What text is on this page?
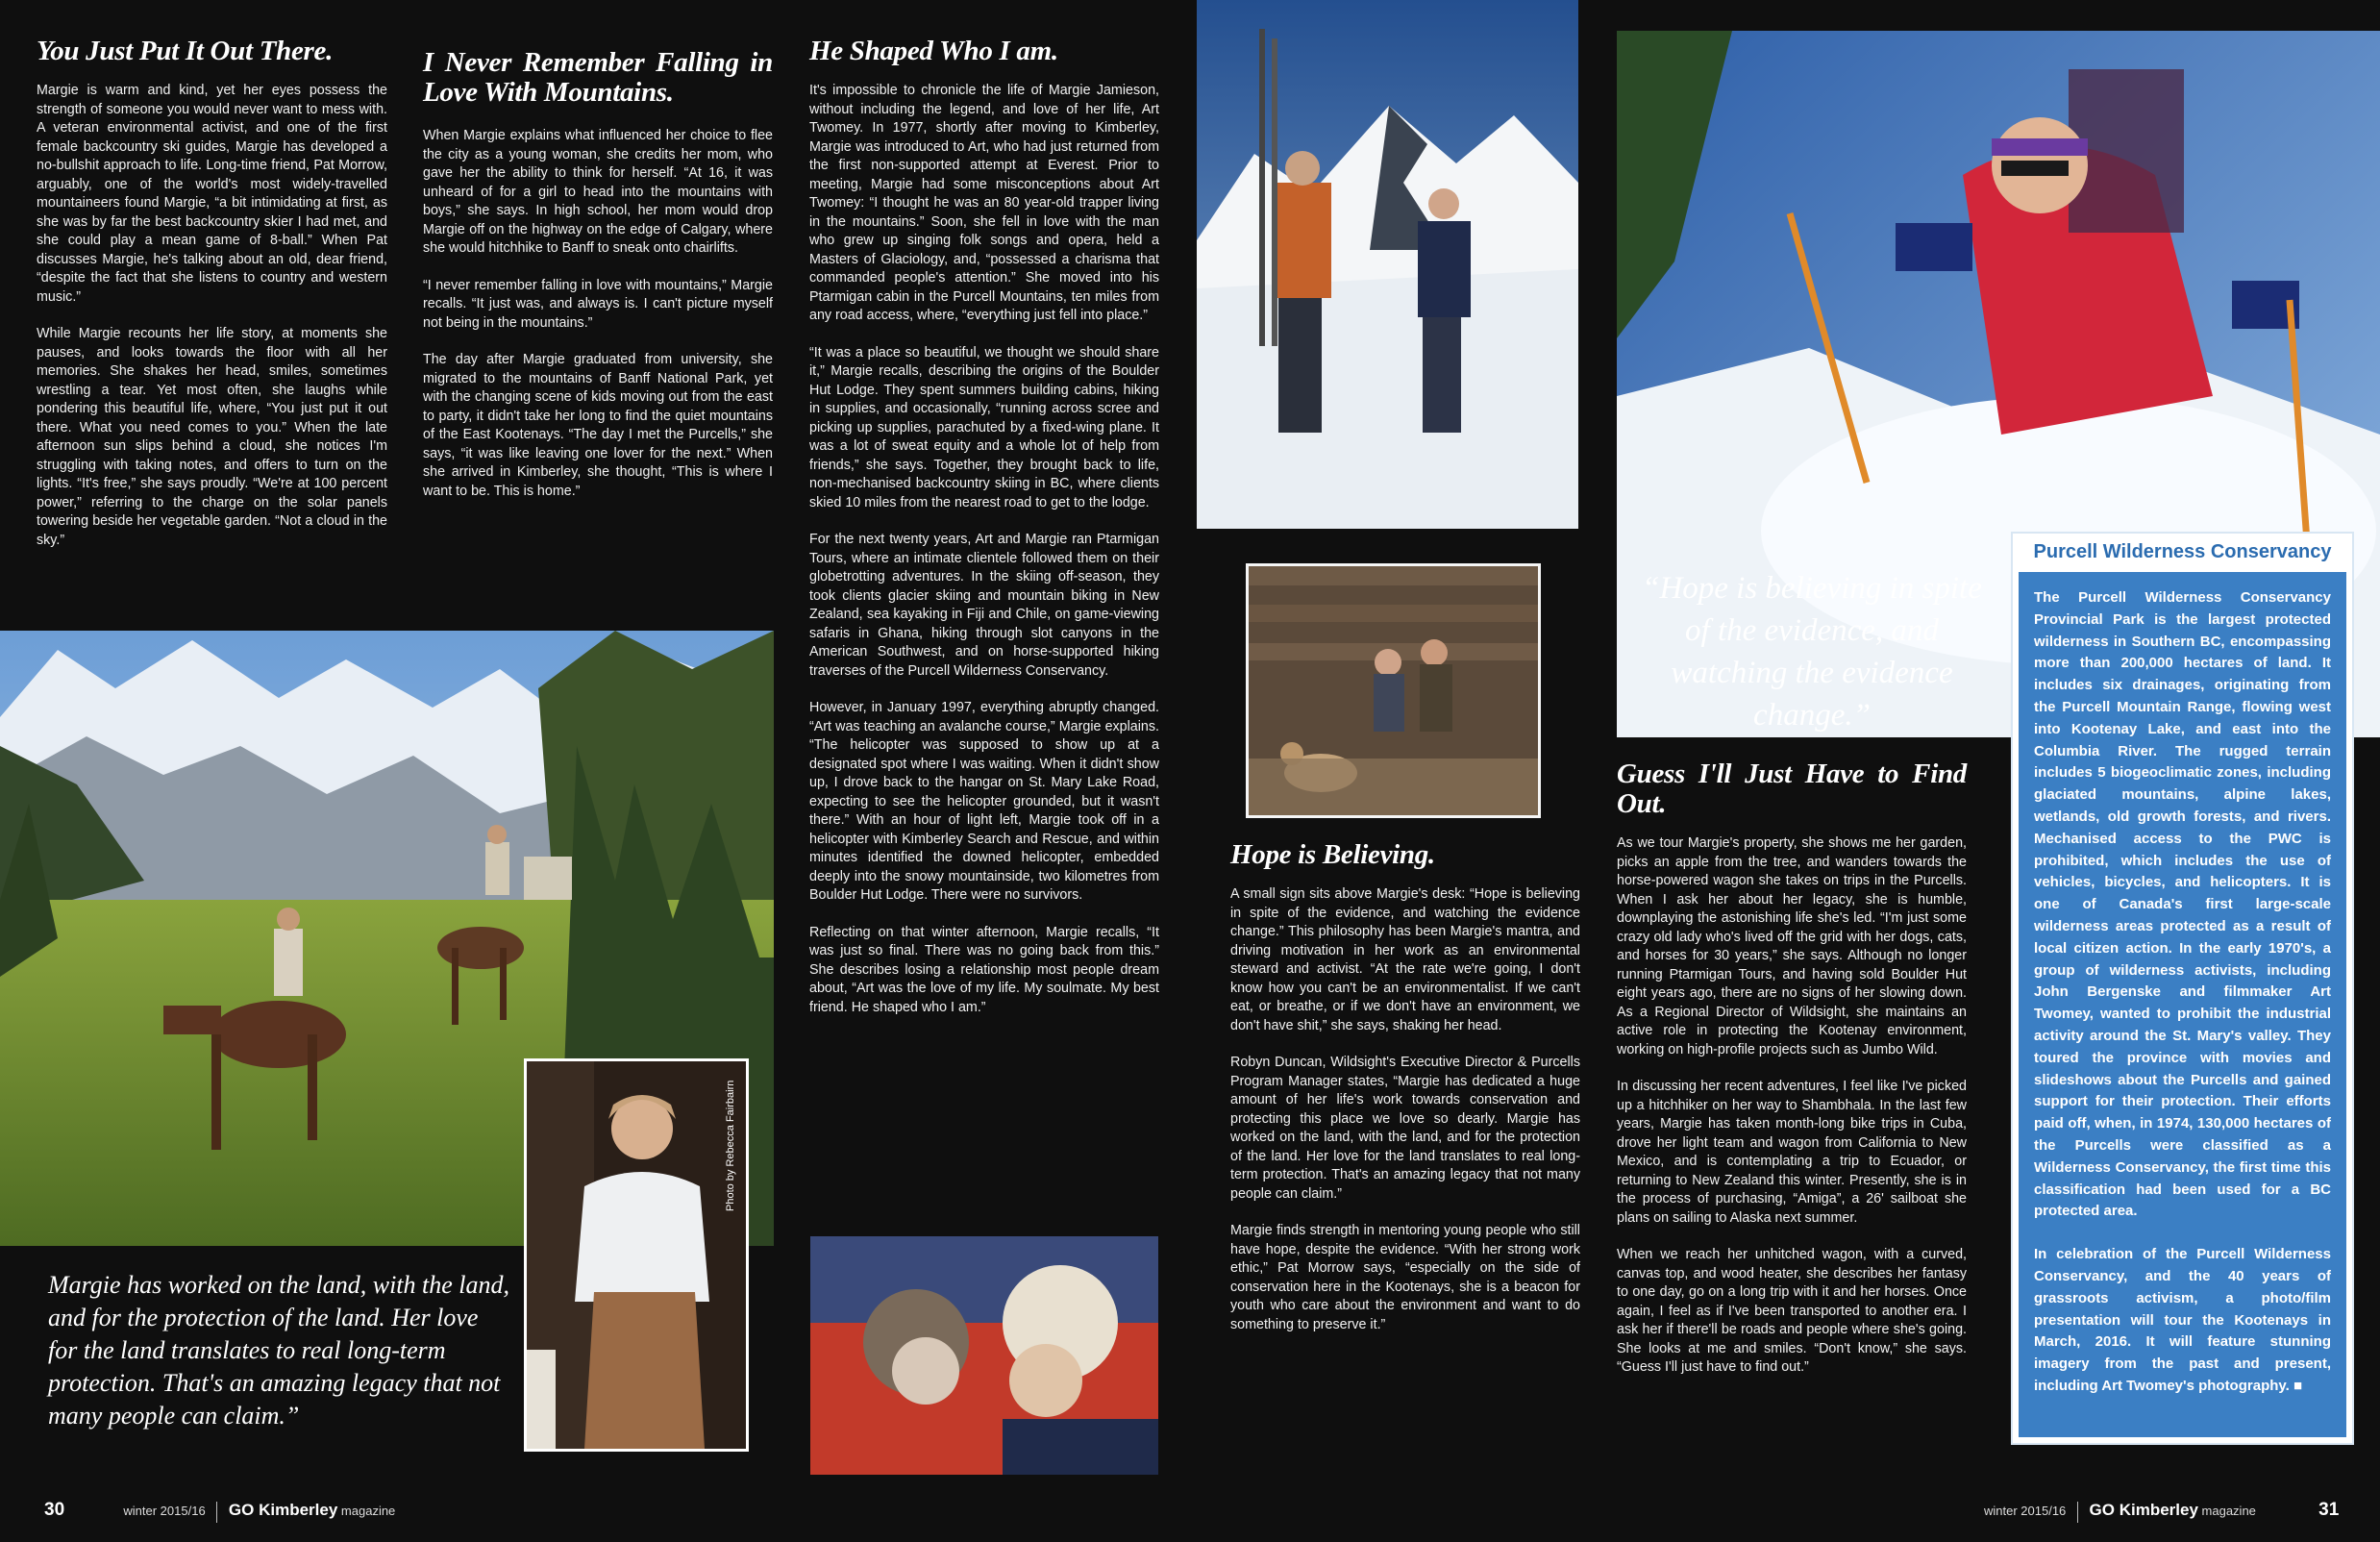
You Just Put It Out There.

Margie is warm and kind, yet her eyes possess the strength of someone you would never want to mess with. A veteran environmental activist, and one of the first female backcountry ski guides, Margie has developed a no-bullshit approach to life. Long-time friend, Pat Morrow, arguably, one of the world's most widely-travelled mountaineers found Margie, “a bit intimidating at first, as she was by far the best backcountry skier I had met, and she could play a mean game of 8-ball.” When Pat discusses Margie, he's talking about an old, dear friend, “despite the fact that she listens to country and western music.”

While Margie recounts her life story, at moments she pauses, and looks towards the floor with all her memories. She shakes her head, smiles, sometimes wrestling a tear. Yet most often, she laughs while pondering this beautiful life, where, “You just put it out there. What you need comes to you.” When the late afternoon sun slips behind a cloud, she notices I'm struggling with taking notes, and offers to turn on the lights. “It's free,” she says proudly. “We're at 100 percent power,” referring to the charge on the solar panels towering beside her vegetable garden. “Not a cloud in the sky.”

I Never Remember Falling in Love With Mountains.

When Margie explains what influenced her choice to flee the city as a young woman, she credits her mom, who gave her the ability to think for herself. “At 16, it was unheard of for a girl to head into the mountains with boys,” she says. In high school, her mom would drop Margie off on the highway on the edge of Calgary, where she would hitchhike to Banff to sneak onto chairlifts.

“I never remember falling in love with mountains,” Margie recalls. “It just was, and always is. I can't picture myself not being in the mountains.”

The day after Margie graduated from university, she migrated to the mountains of Banff National Park, yet with the changing scene of kids moving out from the east to party, it didn't take her long to find the quiet mountains of the East Kootenays. “The day I met the Purcells,” she says, “it was like leaving one lover for the next.” When she arrived in Kimberley, she thought, “This is where I want to be. This is home.”

He Shaped Who I am.

It's impossible to chronicle the life of Margie Jamieson, without including the legend, and love of her life, Art Twomey. In 1977, shortly after moving to Kimberley, Margie was introduced to Art, who had just returned from the first non-supported attempt at Everest. Prior to meeting, Margie had some misconceptions about Art Twomey: “I thought he was an 80 year-old trapper living in the mountains.” Soon, she fell in love with the man who grew up singing folk songs and opera, held a Masters of Glaciology, and, “possessed a charisma that commanded people's attention.” She moved into his Ptarmigan cabin in the Purcell Mountains, ten miles from any road access, where, “everything just fell into place.”

“It was a place so beautiful, we thought we should share it,” Margie recalls, describing the origins of the Boulder Hut Lodge. They spent summers building cabins, hiking in supplies, and occasionally, “running across scree and picking up supplies, parachuted by a fixed-wing plane. It was a lot of sweat equity and a whole lot of help from friends,” she says. Together, they brought back to life, non-mechanised backcountry skiing in BC, where clients skied 10 miles from the nearest road to get to the lodge.

For the next twenty years, Art and Margie ran Ptarmigan Tours, where an intimate clientele followed them on their globetrotting adventures. In the skiing off-season, they took clients glacier skiing and mountain biking in New Zealand, sea kayaking in Fiji and Chile, on game-viewing safaris in Ghana, hiking through slot canyons in the American Southwest, and on horse-supported hiking traverses of the Purcell Wilderness Conservancy.

However, in January 1997, everything abruptly changed. “Art was teaching an avalanche course,” Margie explains. “The helicopter was supposed to show up at a designated spot where I was waiting. When it didn't show up, I drove back to the hangar on St. Mary Lake Road, expecting to see the helicopter grounded, but it wasn't there.” With an hour of light left, Margie took off in a helicopter with Kimberley Search and Rescue, and within minutes identified the downed helicopter, embedded deeply into the snowy mountainside, two kilometres from Boulder Hut Lodge. There were no survivors.

Reflecting on that winter afternoon, Margie recalls, “It was just so final. There was no going back from this.” She describes losing a relationship most people dream about, “Art was the love of my life. My soulmate. My best friend. He shaped who I am.”

Hope is Believing.

A small sign sits above Margie's desk: “Hope is believing in spite of the evidence, and watching the evidence change.” This philosophy has been Margie's mantra, and driving motivation in her work as an environmental steward and activist. “At the rate we're going, I don't know how you can't be an environmentalist. If we can't eat, or breathe, or if we don't have an environment, we don't have shit,” she says, shaking her head.

Robyn Duncan, Wildsight's Executive Director & Purcells Program Manager states, “Margie has dedicated a huge amount of her life's work towards conservation and protecting this place we love so dearly. Margie has worked on the land, with the land, and for the protection of the land. Her love for the land translates to real long-term protection. That's an amazing legacy that not many people can claim.”

Margie finds strength in mentoring young people who still have hope, despite the evidence. “With her strong work ethic,” Pat Morrow says, “especially on the side of conservation here in the Kootenays, she is a beacon for youth who care about the environment and want to do something to preserve it.”

Guess I'll Just Have to Find Out.

As we tour Margie's property, she shows me her garden, picks an apple from the tree, and wanders towards the horse-powered wagon she takes on trips in the Purcells. When I ask her about her legacy, she is humble, downplaying the astonishing life she's led. “I'm just some crazy old lady who's lived off the grid with her dogs, cats, and horses for 30 years,” she says. Although no longer running Ptarmigan Tours, and having sold Boulder Hut eight years ago, there are no signs of her slowing down. As a Regional Director of Wildsight, she maintains an active role in protecting the Kootenay environment, working on high-profile projects such as Jumbo Wild.

In discussing her recent adventures, I feel like I've picked up a hitchhiker on her way to Shambhala. In the last few years, Margie has taken month-long bike trips in Cuba, drove her light team and wagon from California to New Mexico, and is contemplating a trip to Ecuador, or returning to New Zealand this winter. Presently, she is in the process of purchasing, “Amiga”, a 26' sailboat she plans on sailing to Alaska next summer.

When we reach her unhitched wagon, with a curved, canvas top, and wood heater, she describes her fantasy to one day, go on a long trip with it and her horses. Once again, I feel as if I've been transported to another era. I ask her if there'll be roads and people where she's going. She looks at me and smiles. “Don't know,” she says. “Guess I'll just have to find out.”

Photo by Rebecca Fairbairn
Margie has worked on the land, with the land, and for the protection of the land. Her love for the land translates to real long-term protection. That's an amazing legacy that not many people can claim.”
“Hope is believing in spite of the evidence, and watching the evidence change.”
Purcell Wilderness Conservancy

The Purcell Wilderness Conservancy Provincial Park is the largest protected wilderness in Southern BC, encompassing more than 200,000 hectares of land. It includes six drainages, originating from the Purcell Mountain Range, flowing west into Kootenay Lake, and east into the Columbia River. The rugged terrain includes 5 biogeoclimatic zones, including glaciated mountains, alpine lakes, wetlands, old growth forests, and rivers. Mechanised access to the PWC is prohibited, which includes the use of vehicles, bicycles, and helicopters. It is one of Canada's first large-scale wilderness areas protected as a result of local citizen action. In the early 1970's, a group of wilderness activists, including John Bergenske and filmmaker Art Twomey, wanted to prohibit the industrial activity around the St. Mary's valley. They toured the province with movies and slideshows about the Purcells and gained support for their protection. Their efforts paid off, when, in 1974, 130,000 hectares of the Purcells were classified as a Wilderness Conservancy, the first time this classification had been used for a BC protected area.

In celebration of the Purcell Wilderness Conservancy, and the 40 years of grassroots activism, a photo/film presentation will tour the Kootenays in March, 2016. It will feature stunning imagery from the past and present, including Art Twomey's photography. ■

30	winter 2015/16 GO Kimberley magazine	winter 2015/16 GO Kimberley magazine	31
